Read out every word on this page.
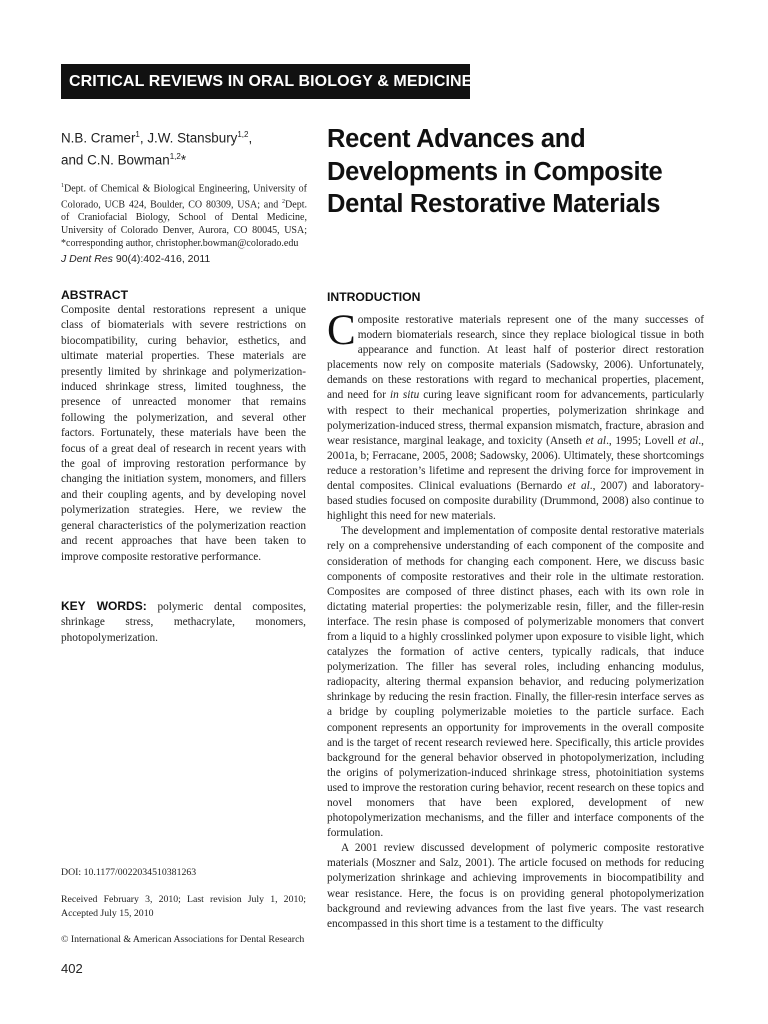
CRITICAL REVIEWS IN ORAL BIOLOGY & MEDICINE
N.B. Cramer$^1$, J.W. Stansbury$^{1,2}$,
and C.N. Bowman$^{1,2}$*
$^1$Dept. of Chemical & Biological Engineering, University of Colorado, UCB 424, Boulder, CO 80309, USA; and $^2$Dept. of Craniofacial Biology, School of Dental Medicine, University of Colorado Denver, Aurora, CO 80045, USA; *corresponding author, christopher.bowman@colorado.edu
J Dent Res 90(4):402-416, 2011
Recent Advances and Developments in Composite Dental Restorative Materials
ABSTRACT
Composite dental restorations represent a unique class of biomaterials with severe restrictions on biocompatibility, curing behavior, esthetics, and ultimate material properties. These materials are presently limited by shrinkage and polymerization-induced shrinkage stress, limited toughness, the presence of unreacted monomer that remains following the polymerization, and several other factors. Fortunately, these materials have been the focus of a great deal of research in recent years with the goal of improving restoration performance by changing the initiation system, monomers, and fillers and their coupling agents, and by developing novel polymerization strategies. Here, we review the general characteristics of the polymerization reaction and recent approaches that have been taken to improve composite restorative performance.
KEY WORDS: polymeric dental composites, shrinkage stress, methacrylate, monomers, photopolymerization.
DOI: 10.1177/0022034510381263
Received February 3, 2010; Last revision July 1, 2010; Accepted July 15, 2010
© International & American Associations for Dental Research
402
INTRODUCTION

Composite restorative materials represent one of the many successes of modern biomaterials research, since they replace biological tissue in both appearance and function. At least half of posterior direct restoration placements now rely on composite materials (Sadowsky, 2006). Unfortunately, demands on these restorations with regard to mechanical properties, placement, and need for in situ curing leave significant room for advancements, particularly with respect to their mechanical properties, polymerization shrinkage and polymerization-induced stress, thermal expansion mismatch, fracture, abrasion and wear resistance, marginal leakage, and toxicity (Anseth et al., 1995; Lovell et al., 2001a, b; Ferracane, 2005, 2008; Sadowsky, 2006). Ultimately, these shortcomings reduce a restoration’s lifetime and represent the driving force for improvement in dental composites. Clinical evaluations (Bernardo et al., 2007) and laboratory-based studies focused on composite durability (Drummond, 2008) also continue to highlight this need for new materials.

The development and implementation of composite dental restorative materials rely on a comprehensive understanding of each component of the composite and consideration of methods for changing each component. Here, we discuss basic components of composite restoratives and their role in the ultimate restoration. Composites are composed of three distinct phases, each with its own role in dictating material properties: the polymerizable resin, filler, and the filler-resin interface. The resin phase is composed of polymerizable monomers that convert from a liquid to a highly crosslinked polymer upon exposure to visible light, which catalyzes the formation of active centers, typically radicals, that induce polymerization. The filler has several roles, including enhancing modulus, radiopacity, altering thermal expansion behavior, and reducing polymerization shrinkage by reducing the resin fraction. Finally, the filler-resin interface serves as a bridge by coupling polymerizable moieties to the particle surface. Each component represents an opportunity for improvements in the overall composite and is the target of recent research reviewed here. Specifically, this article provides background for the general behavior observed in photopolymerization, including the origins of polymerization-induced shrinkage stress, photoinitiation systems used to improve the restoration curing behavior, recent research on these topics and novel monomers that have been explored, development of new photopolymerization mechanisms, and the filler and interface components of the formulation.

A 2001 review discussed development of polymeric composite restorative materials (Moszner and Salz, 2001). The article focused on methods for reducing polymerization shrinkage and achieving improvements in biocompatibility and wear resistance. Here, the focus is on providing general photopolymerization background and reviewing advances from the last five years. The vast research encompassed in this short time is a testament to the difficulty
